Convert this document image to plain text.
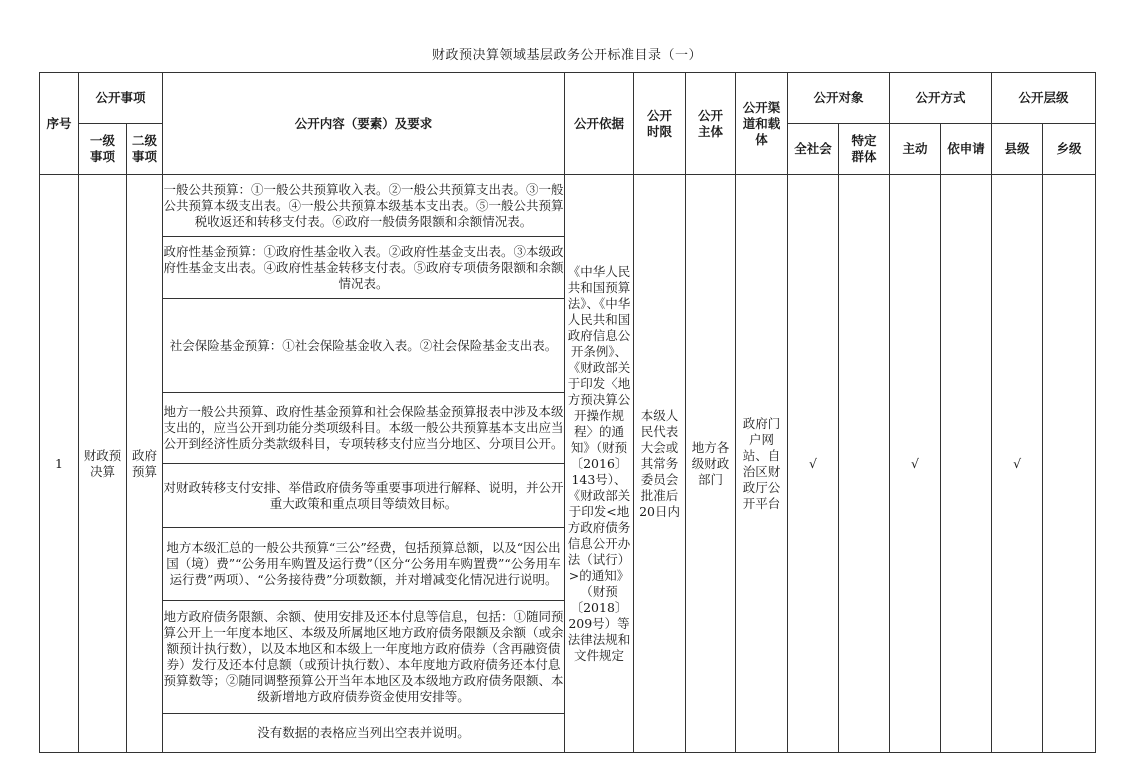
财政预决算领域基层政务公开标准目录（一）
序号	公开事项		公开内容（要素）及要求	公开依据	公开时限	公开主体	公开渠道和载体	公开对象		公开方式		公开层级	
	一级事项	二级事项						全社会	特定群体	主动	依申请	县级	乡级
1	财政预决算	政府预算	一般公共预算：①一般公共预算收入表。②一般公共预算支出表。③一般公共预算本级支出表。④一般公共预算本级基本支出表。⑤一般公共预算税收返还和转移支付表。⑥政府一般债务限额和余额情况表。	《中华人民共和国预算法》、《中华人民共和国政府信息公开条例》、《财政部关于印发〈地方预决算公开操作规程〉的通知》（财预〔2016〕143号）、《财政部关于印发<地方政府债务信息公开办法（试行）>的通知》（财预〔2018〕209号）等法律法规和文件规定	本级人民代表大会或其常务委员会批准后20日内	地方各级财政部门	政府门户网站、自治区财政厅公开平台	√		√		√	
			政府性基金预算：①政府性基金收入表。②政府性基金支出表。③本级政府性基金支出表。④政府性基金转移支付表。⑤政府专项债务限额和余额情况表。										
			社会保险基金预算：①社会保险基金收入表。②社会保险基金支出表。										
			地方一般公共预算、政府性基金预算和社会保险基金预算报表中涉及本级支出的，应当公开到功能分类项级科目。本级一般公共预算基本支出应当公开到经济性质分类款级科目，专项转移支付应当分地区、分项目公开。										
			对财政转移支付安排、举借政府债务等重要事项进行解释、说明，并公开重大政策和重点项目等绩效目标。										
			地方本级汇总的一般公共预算“三公”经费，包括预算总额，以及“因公出国（境）费”“公务用车购置及运行费”（区分“公务用车购置费”“公务用车运行费”两项）、“公务接待费”分项数额，并对增减变化情况进行说明。										
			地方政府债务限额、余额、使用安排及还本付息等信息，包括：①随同预算公开上一年度本地区、本级及所属地区地方政府债务限额及余额（或余额预计执行数），以及本地区和本级上一年度地方政府债券（含再融资债券）发行及还本付息额（或预计执行数）、本年度地方政府债务还本付息预算数等；②随同调整预算公开当年本地区及本级地方政府债务限额、本级新增地方政府债券资金使用安排等。										
			没有数据的表格应当列出空表并说明。										
